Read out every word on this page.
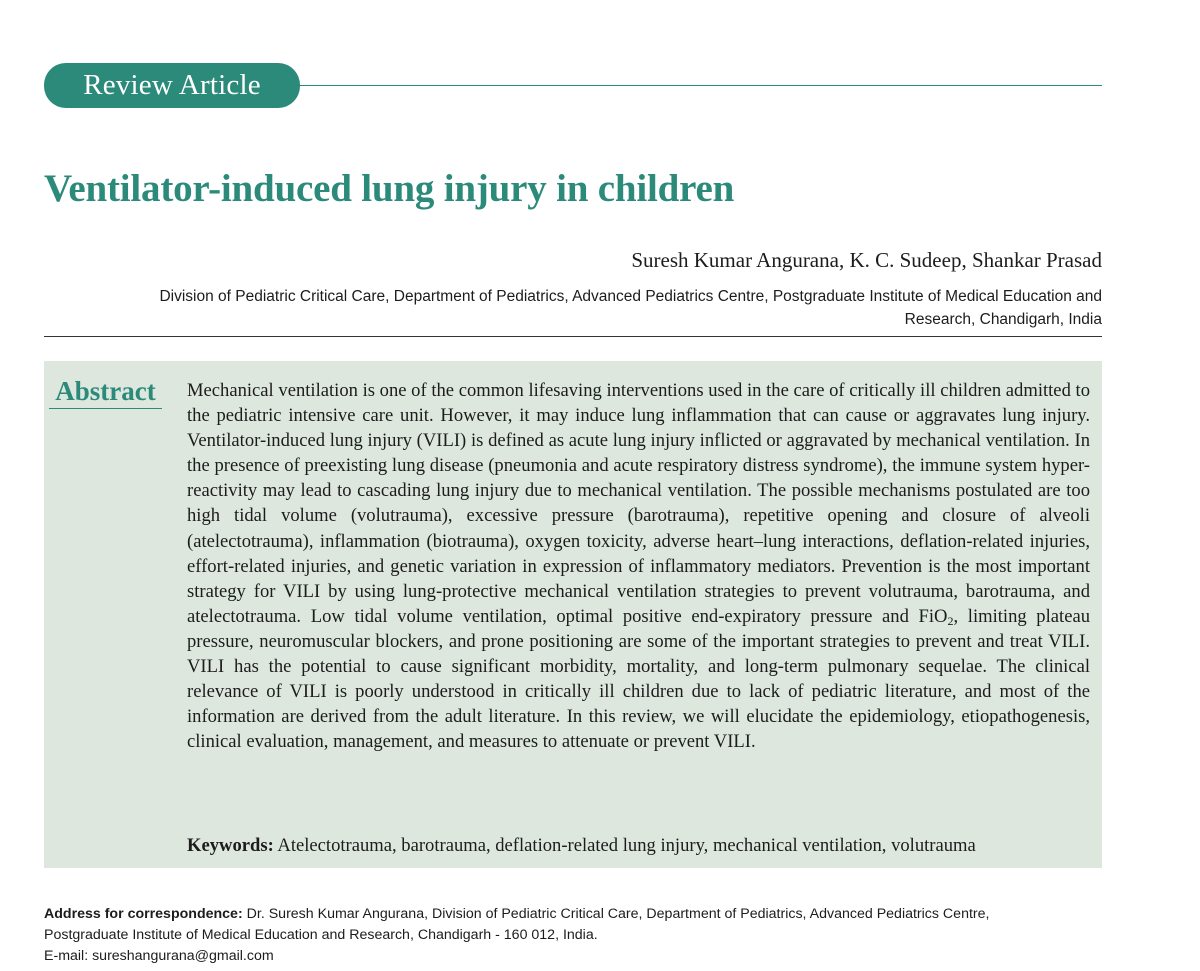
Review Article
Ventilator-induced lung injury in children
Suresh Kumar Angurana, K. C. Sudeep, Shankar Prasad
Division of Pediatric Critical Care, Department of Pediatrics, Advanced Pediatrics Centre, Postgraduate Institute of Medical Education and
Research, Chandigarh, India
Abstract	Mechanical ventilation is one of the common lifesaving interventions used in the care of critically ill children admitted to the pediatric intensive care unit. However, it may induce lung inflammation that can cause or aggravates lung injury. Ventilator-induced lung injury (VILI) is defined as acute lung injury inflicted or aggravated by mechanical ventilation. In the presence of preexisting lung disease (pneumonia and acute respiratory distress syndrome), the immune system hyper-reactivity may lead to cascading lung injury due to mechanical ventilation. The possible mechanisms postulated are too high tidal volume (volutrauma), excessive pressure (barotrauma), repetitive opening and closure of alveoli (atelectotrauma), inflammation (biotrauma), oxygen toxicity, adverse heart–lung interactions, deflation-related injuries, effort-related injuries, and genetic variation in expression of inflammatory mediators. Prevention is the most important strategy for VILI by using lung-protective mechanical ventilation strategies to prevent volutrauma, barotrauma, and atelectotrauma. Low tidal volume ventilation, optimal positive end-expiratory pressure and FiO$_2$, limiting plateau pressure, neuromuscular blockers, and prone positioning are some of the important strategies to prevent and treat VILI. VILI has the potential to cause significant morbidity, mortality, and long-term pulmonary sequelae. The clinical relevance of VILI is poorly understood in critically ill children due to lack of pediatric literature, and most of the information are derived from the adult literature. In this review, we will elucidate the epidemiology, etiopathogenesis, clinical evaluation, management, and measures to attenuate or prevent VILI.

Keywords: Atelectotrauma, barotrauma, deflation-related lung injury, mechanical ventilation, volutrauma
Address for correspondence: Dr. Suresh Kumar Angurana, Division of Pediatric Critical Care, Department of Pediatrics, Advanced Pediatrics Centre,
Postgraduate Institute of Medical Education and Research, Chandigarh - 160 012, India.
E-mail: sureshangurana@gmail.com
